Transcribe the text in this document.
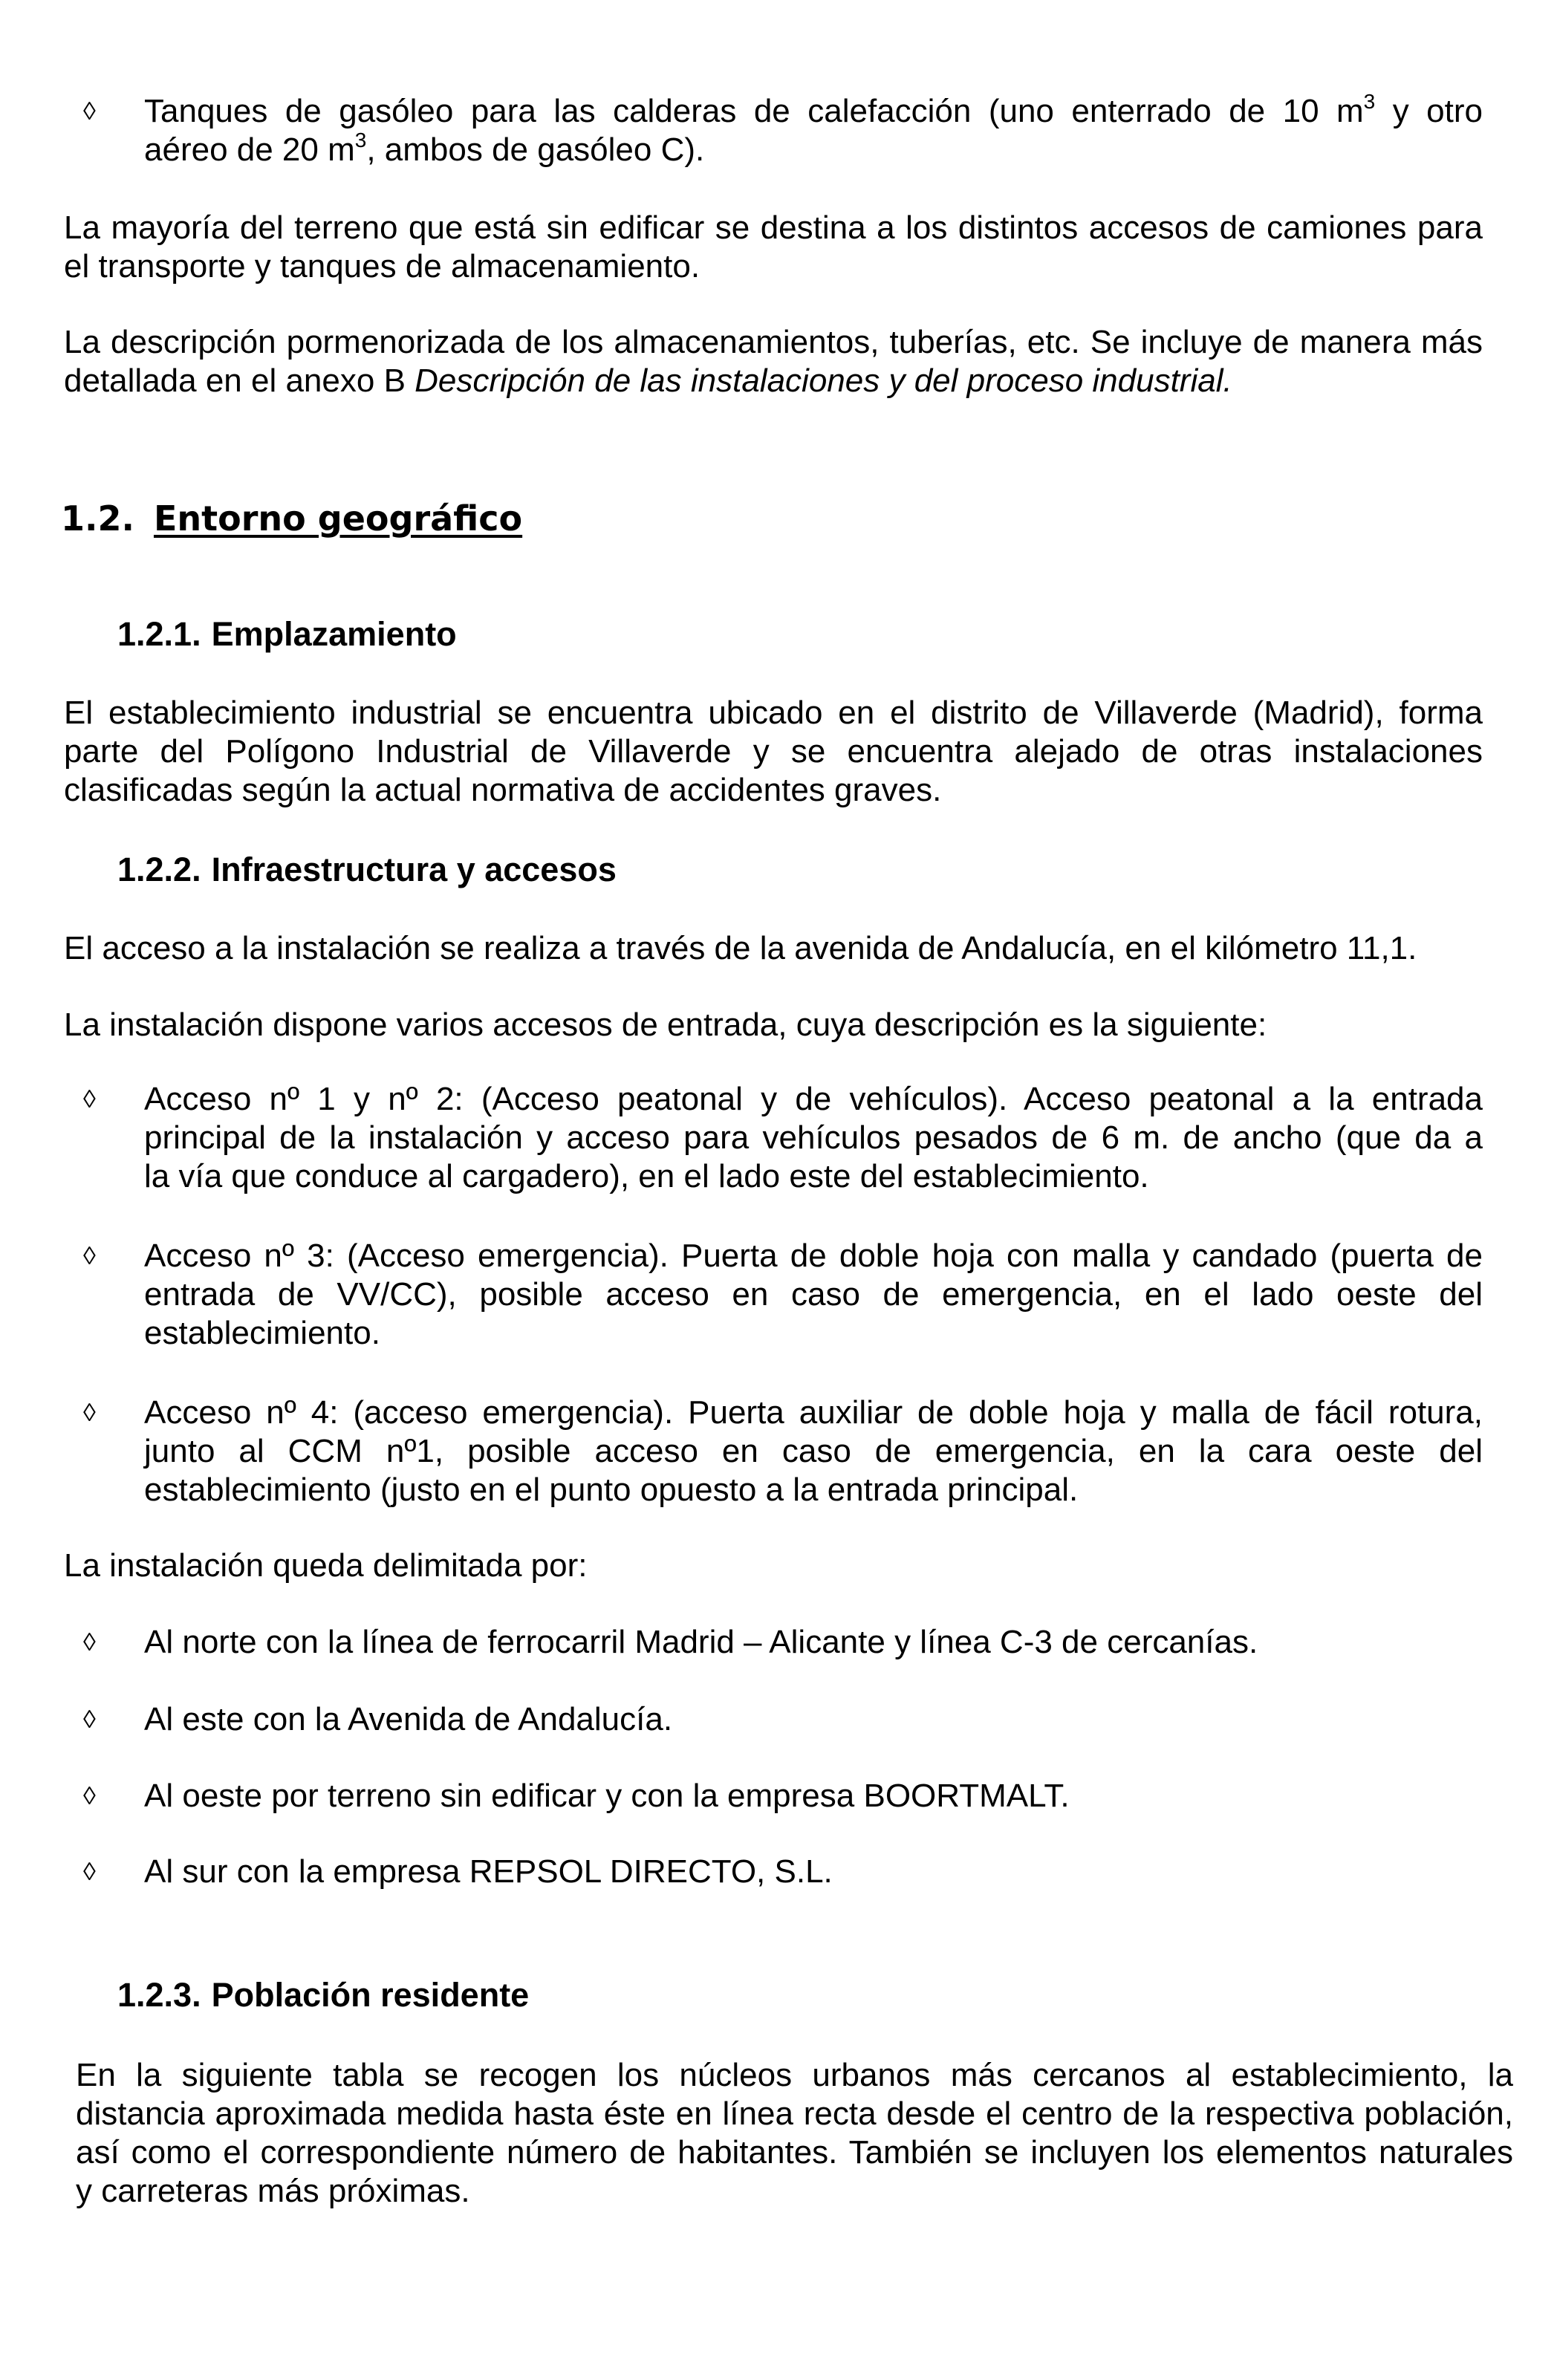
◊ Tanques de gasóleo para las calderas de calefacción (uno enterrado de 10 $m^3$ y otro
aéreo de 20 $m^3$, ambos de gasóleo C).
La mayoría del terreno que está sin edificar se destina a los distintos accesos de camiones para
el transporte y tanques de almacenamiento.
La descripción pormenorizada de los almacenamientos, tuberías, etc. Se incluye de manera más
detallada en el anexo B Descripción de las instalaciones y del proceso industrial.
1.2. Entorno geográfico
1.2.1. Emplazamiento
El establecimiento industrial se encuentra ubicado en el distrito de Villaverde (Madrid), forma
parte del Polígono Industrial de Villaverde y se encuentra alejado de otras instalaciones
clasificadas según la actual normativa de accidentes graves.
1.2.2. Infraestructura y accesos
El acceso a la instalación se realiza a través de la avenida de Andalucía, en el kilómetro 11,1.
La instalación dispone varios accesos de entrada, cuya descripción es la siguiente:
◊ Acceso nº 1 y nº 2: (Acceso peatonal y de vehículos). Acceso peatonal a la entrada
principal de la instalación y acceso para vehículos pesados de 6 m. de ancho (que da a
la vía que conduce al cargadero), en el lado este del establecimiento.
◊ Acceso nº 3: (Acceso emergencia). Puerta de doble hoja con malla y candado (puerta de
entrada de VV/CC), posible acceso en caso de emergencia, en el lado oeste del
establecimiento.
◊ Acceso nº 4: (acceso emergencia). Puerta auxiliar de doble hoja y malla de fácil rotura,
junto al CCM nº1, posible acceso en caso de emergencia, en la cara oeste del
establecimiento (justo en el punto opuesto a la entrada principal.
La instalación queda delimitada por:
◊ Al norte con la línea de ferrocarril Madrid – Alicante y línea C-3 de cercanías.
◊ Al este con la Avenida de Andalucía.
◊ Al oeste por terreno sin edificar y con la empresa BOORTMALT.
◊ Al sur con la empresa REPSOL DIRECTO, S.L.
1.2.3. Población residente
En la siguiente tabla se recogen los núcleos urbanos más cercanos al establecimiento, la
distancia aproximada medida hasta éste en línea recta desde el centro de la respectiva población,
así como el correspondiente número de habitantes. También se incluyen los elementos naturales
y carreteras más próximas.
